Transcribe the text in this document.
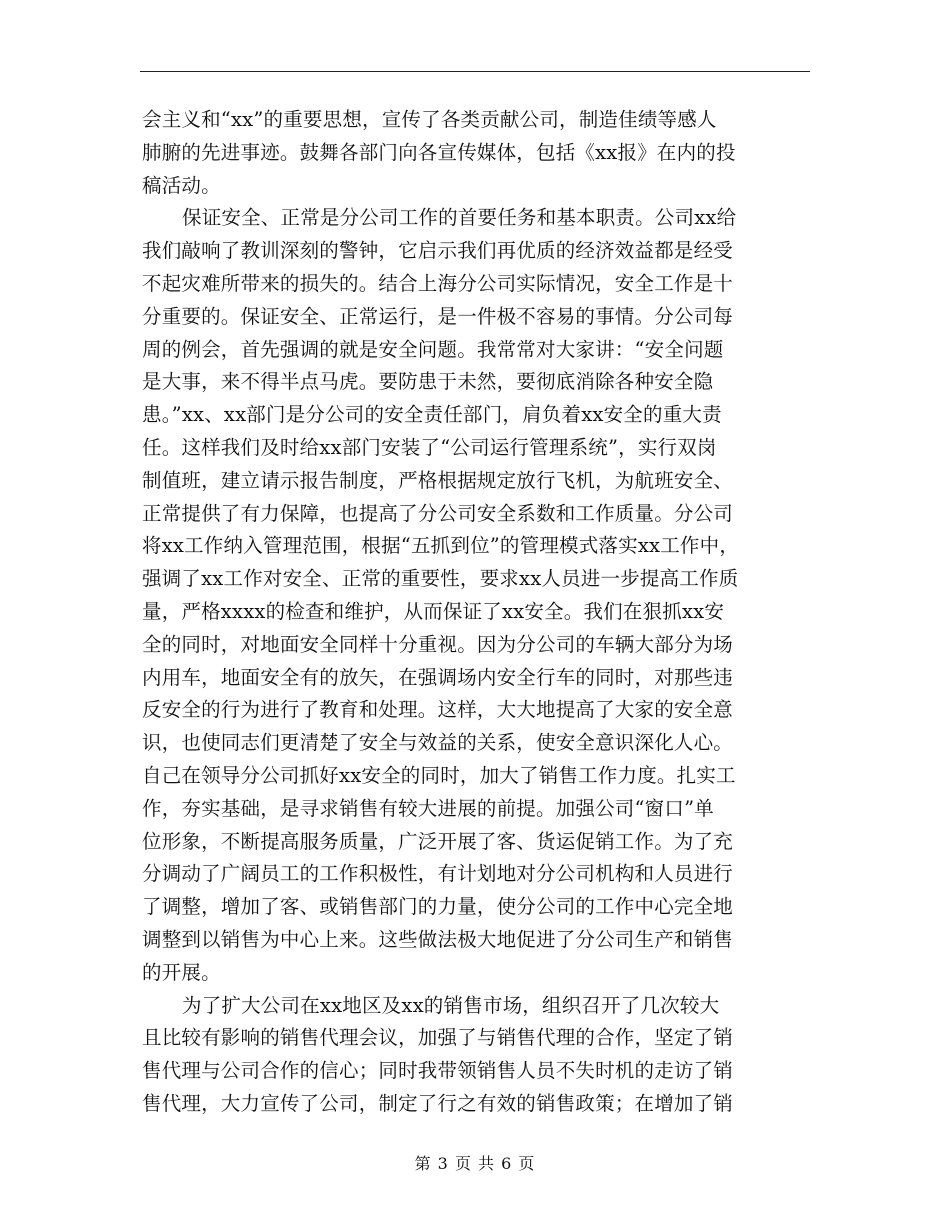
会主义和“xx”的重要思想，宣传了各类贡献公司，制造佳绩等感人
肺腑的先进事迹。鼓舞各部门向各宣传媒体，包括《xx报》在内的投
稿活动。
保证安全、正常是分公司工作的首要任务和基本职责。公司xx给
我们敲响了教训深刻的警钟，它启示我们再优质的经济效益都是经受
不起灾难所带来的损失的。结合上海分公司实际情况，安全工作是十
分重要的。保证安全、正常运行，是一件极不容易的事情。分公司每
周的例会，首先强调的就是安全问题。我常常对大家讲：“安全问题
是大事，来不得半点马虎。要防患于未然，要彻底消除各种安全隐
患。”xx、xx部门是分公司的安全责任部门，肩负着xx安全的重大责
任。这样我们及时给xx部门安装了“公司运行管理系统”，实行双岗
制值班，建立请示报告制度，严格根据规定放行飞机，为航班安全、
正常提供了有力保障，也提高了分公司安全系数和工作质量。分公司
将xx工作纳入管理范围，根据“五抓到位”的管理模式落实xx工作中，
强调了xx工作对安全、正常的重要性，要求xx人员进一步提高工作质
量，严格xxxx的检查和维护，从而保证了xx安全。我们在狠抓xx安
全的同时，对地面安全同样十分重视。因为分公司的车辆大部分为场
内用车，地面安全有的放矢，在强调场内安全行车的同时，对那些违
反安全的行为进行了教育和处理。这样，大大地提高了大家的安全意
识，也使同志们更清楚了安全与效益的关系，使安全意识深化人心。
自己在领导分公司抓好xx安全的同时，加大了销售工作力度。扎实工
作，夯实基础，是寻求销售有较大进展的前提。加强公司“窗口”单
位形象，不断提高服务质量，广泛开展了客、货运促销工作。为了充
分调动了广阔员工的工作积极性，有计划地对分公司机构和人员进行
了调整，增加了客、或销售部门的力量，使分公司的工作中心完全地
调整到以销售为中心上来。这些做法极大地促进了分公司生产和销售
的开展。
为了扩大公司在xx地区及xx的销售市场，组织召开了几次较大
且比较有影响的销售代理会议，加强了与销售代理的合作，坚定了销
售代理与公司合作的信心；同时我带领销售人员不失时机的走访了销
售代理，大力宣传了公司，制定了行之有效的销售政策；在增加了销
第 3 页 共 6 页
